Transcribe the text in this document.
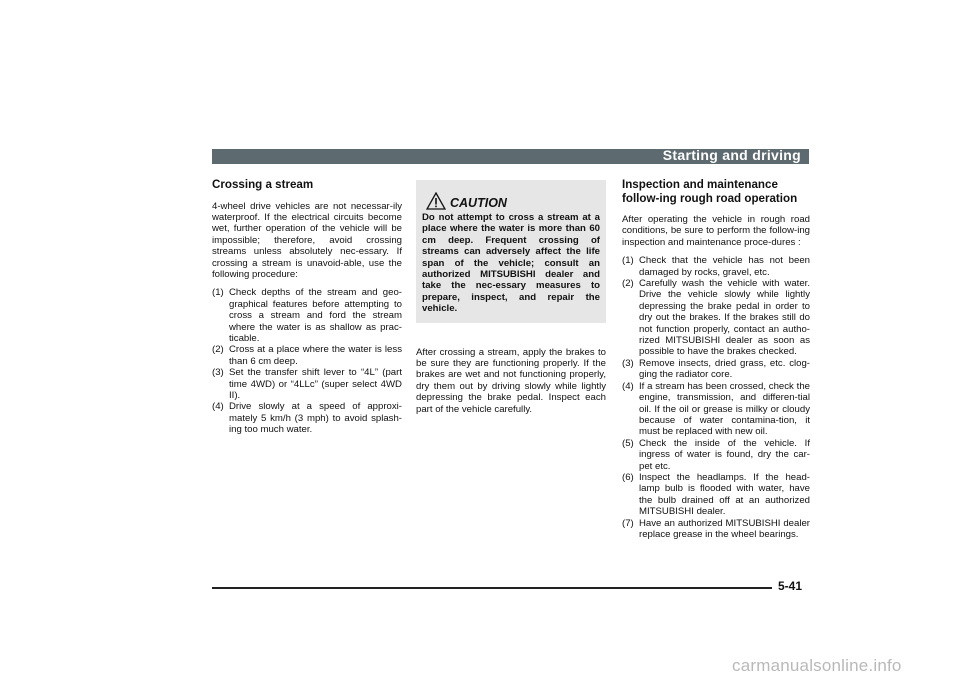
Starting and driving
Crossing a stream

4-wheel drive vehicles are not necessar-ily waterproof. If the electrical circuits become wet, further operation of the vehicle will be impossible; therefore, avoid crossing streams unless absolutely nec-essary. If crossing a stream is unavoid-able, use the following procedure:

(1) Check depths of the stream and geo-graphical features before attempting to cross a stream and ford the stream where the water is as shallow as prac-ticable.
(2) Cross at a place where the water is less than 6 cm deep.
(3) Set the transfer shift lever to “4L” (part time 4WD) or “4LLc” (super select 4WD II).
(4) Drive slowly at a speed of approxi-mately 5 km/h (3 mph) to avoid splash-ing too much water.
CAUTION

Do not attempt to cross a stream at a place where the water is more than 60 cm deep. Frequent crossing of streams can adversely affect the life span of the vehicle; consult an authorized MITSUBISHI dealer and take the nec-essary measures to prepare, inspect, and repair the vehicle.

After crossing a stream, apply the brakes to be sure they are functioning properly. If the brakes are wet and not functioning properly, dry them out by driving slowly while lightly depressing the brake pedal. Inspect each part of the vehicle carefully.

Inspection and maintenance follow-ing rough road operation

After operating the vehicle in rough road conditions, be sure to perform the follow-ing inspection and maintenance proce-dures :

(1) Check that the vehicle has not been damaged by rocks, gravel, etc.
(2) Carefully wash the vehicle with water. Drive the vehicle slowly while lightly depressing the brake pedal in order to dry out the brakes. If the brakes still do not function properly, contact an autho-rized MITSUBISHI dealer as soon as possible to have the brakes checked.
(3) Remove insects, dried grass, etc. clog-ging the radiator core.
(4) If a stream has been crossed, check the engine, transmission, and differen-tial oil. If the oil or grease is milky or cloudy because of water contamina-tion, it must be replaced with new oil.
(5) Check the inside of the vehicle. If ingress of water is found, dry the car-pet etc.
(6) Inspect the headlamps. If the head-lamp bulb is flooded with water, have the bulb drained off at an authorized MITSUBISHI dealer.
(7) Have an authorized MITSUBISHI dealer replace grease in the wheel bearings.
5-41
carmanualsonline.info
